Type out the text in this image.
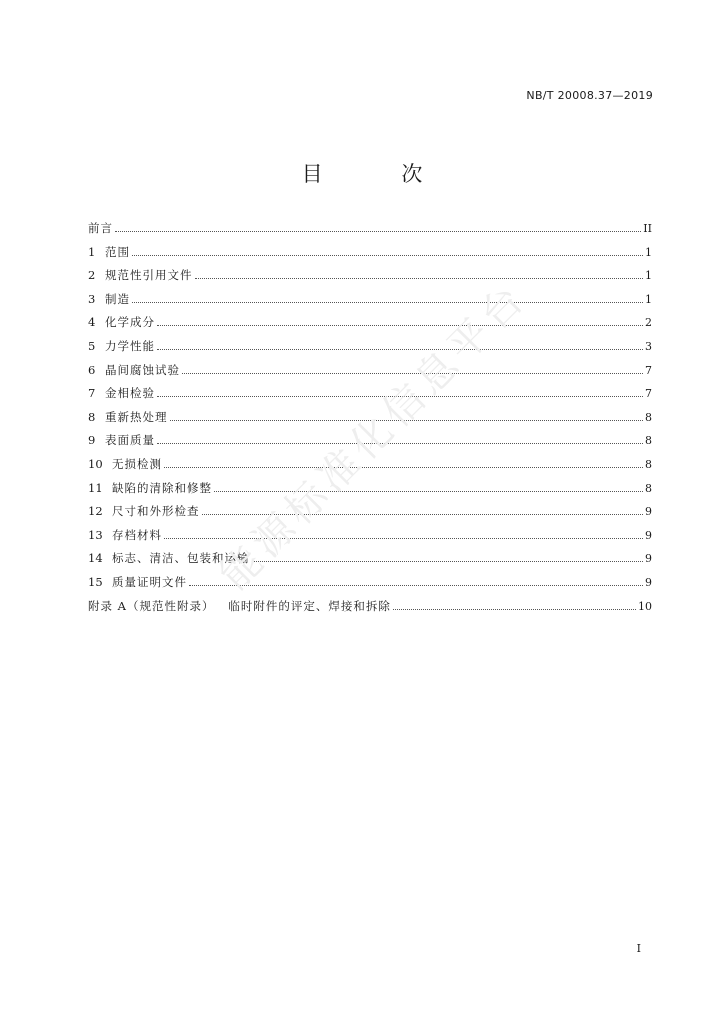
NB/T 20008.37—2019
目 次
前言	II
1 范围	1
2 规范性引用文件	1
3 制造	1
4 化学成分	2
5 力学性能	3
6 晶间腐蚀试验	7
7 金相检验	7
8 重新热处理	8
9 表面质量	8
10 无损检测	8
11 缺陷的清除和修整	8
12 尺寸和外形检查	9
13 存档材料	9
14 标志、清洁、包装和运输	9
15 质量证明文件	9
附录 A（规范性附录）   临时附件的评定、焊接和拆除	10
能源标准化信息平台
I
